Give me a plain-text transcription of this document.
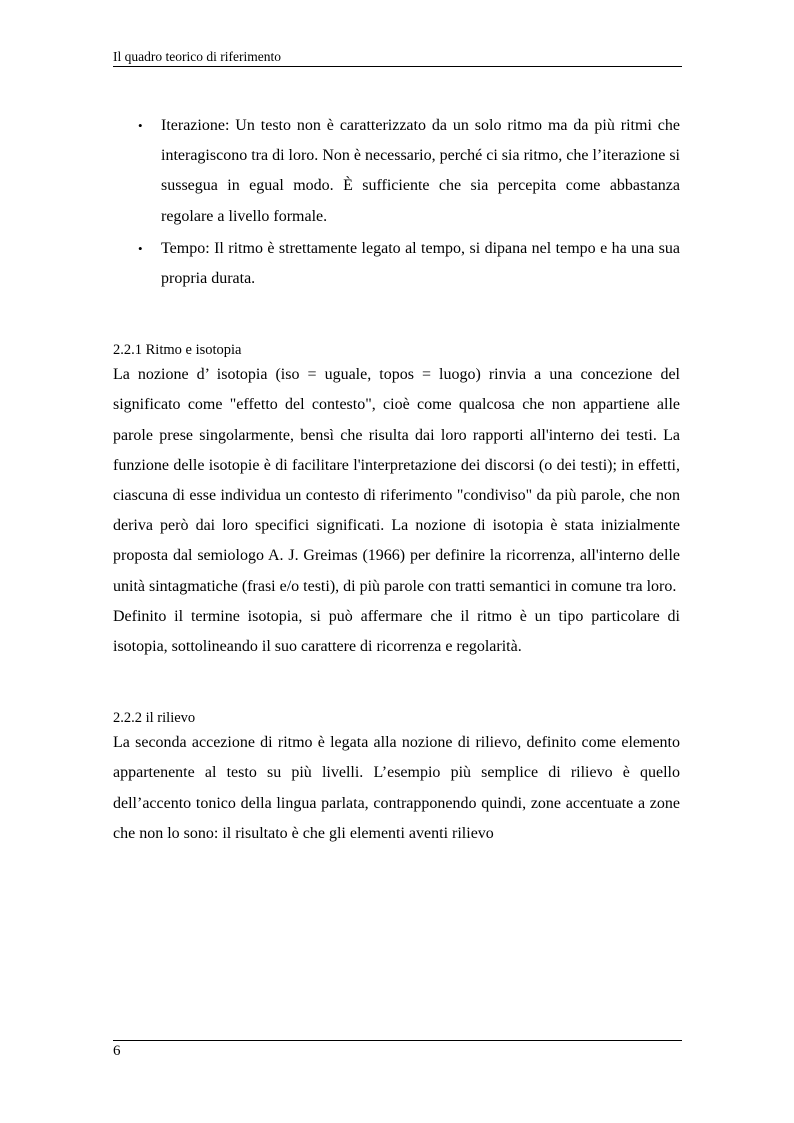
Il quadro teorico di riferimento
• Iterazione: Un testo non è caratterizzato da un solo ritmo ma da più ritmi che interagiscono tra di loro. Non è necessario, perché ci sia ritmo, che l’iterazione si sussegua in egual modo. È sufficiente che sia percepita come abbastanza regolare a livello formale.
• Tempo: Il ritmo è strettamente legato al tempo, si dipana nel tempo e ha una sua propria durata.
2.2.1 Ritmo e isotopia

La nozione d’ isotopia (iso = uguale, topos = luogo) rinvia a una concezione del significato come "effetto del contesto", cioè come qualcosa che non appartiene alle parole prese singolarmente, bensì che risulta dai loro rapporti all'interno dei testi. La funzione delle isotopie è di facilitare l'interpretazione dei discorsi (o dei testi); in effetti, ciascuna di esse individua un contesto di riferimento "condiviso" da più parole, che non deriva però dai loro specifici significati. La nozione di isotopia è stata inizialmente proposta dal semiologo A. J. Greimas (1966) per definire la ricorrenza, all'interno delle unità sintagmatiche (frasi e/o testi), di più parole con tratti semantici in comune tra loro.

Definito il termine isotopia, si può affermare che il ritmo è un tipo particolare di isotopia, sottolineando il suo carattere di ricorrenza e regolarità.

2.2.2 il rilievo

La seconda accezione di ritmo è legata alla nozione di rilievo, definito come elemento appartenente al testo su più livelli. L’esempio più semplice di rilievo è quello dell’accento tonico della lingua parlata, contrapponendo quindi, zone accentuate a zone che non lo sono: il risultato è che gli elementi aventi rilievo

6
